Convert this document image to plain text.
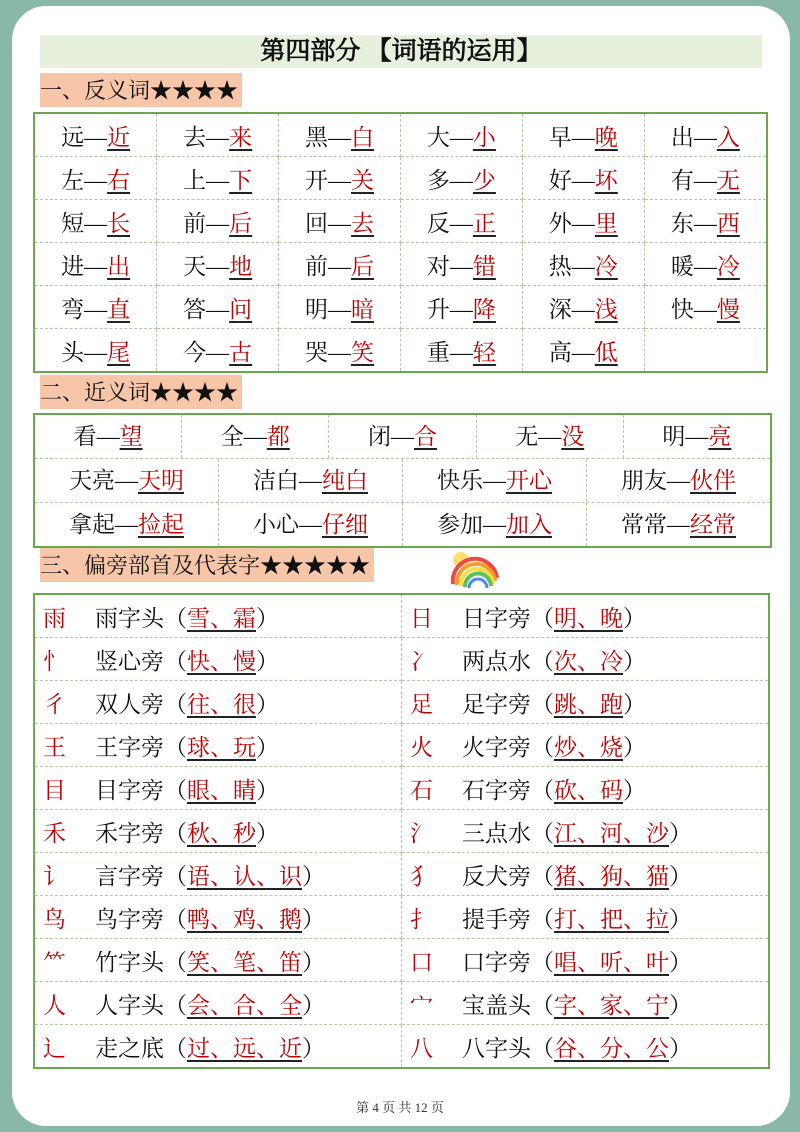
第四部分 【词语的运用】
一、反义词★★★★
远—近	去—来	黑—白	大—小	早—晚	出—入
左—右	上—下	开—关	多—少	好—坏	有—无
短—长	前—后	回—去	反—正	外—里	东—西
进—出	天—地	前—后	对—错	热—冷	暖—冷
弯—直	答—问	明—暗	升—降	深—浅	快—慢
头—尾	今—古	哭—笑	重—轻	高—低	
二、近义词★★★★
看—望	全—都	闭—合	无—没	明—亮
天亮—天明	洁白—纯白	快乐—开心	朋友—伙伴
拿起—捡起	小心—仔细	参加—加入	常常—经常
三、偏旁部首及代表字★★★★★
雨 雨字头（雪、霜）	日 日字旁（明、晚）
忄 竖心旁（快、慢）	冫 两点水（次、冷）
彳 双人旁（往、很）	足 足字旁（跳、跑）
王 王字旁（球、玩）	火 火字旁（炒、烧）
目 目字旁（眼、睛）	石 石字旁（砍、码）
禾 禾字旁（秋、秒）	氵 三点水（江、河、沙）
讠 言字旁（语、认、识）	犭 反犬旁（猪、狗、猫）
鸟 鸟字旁（鸭、鸡、鹅）	扌 提手旁（打、把、拉）
⺮ 竹字头（笑、笔、笛）	口 口字旁（唱、听、叶）
人 人字头（会、合、全）	宀 宝盖头（字、家、宁）
辶 走之底（过、远、近）	八 八字头（谷、分、公）
第 4 页 共 12 页
